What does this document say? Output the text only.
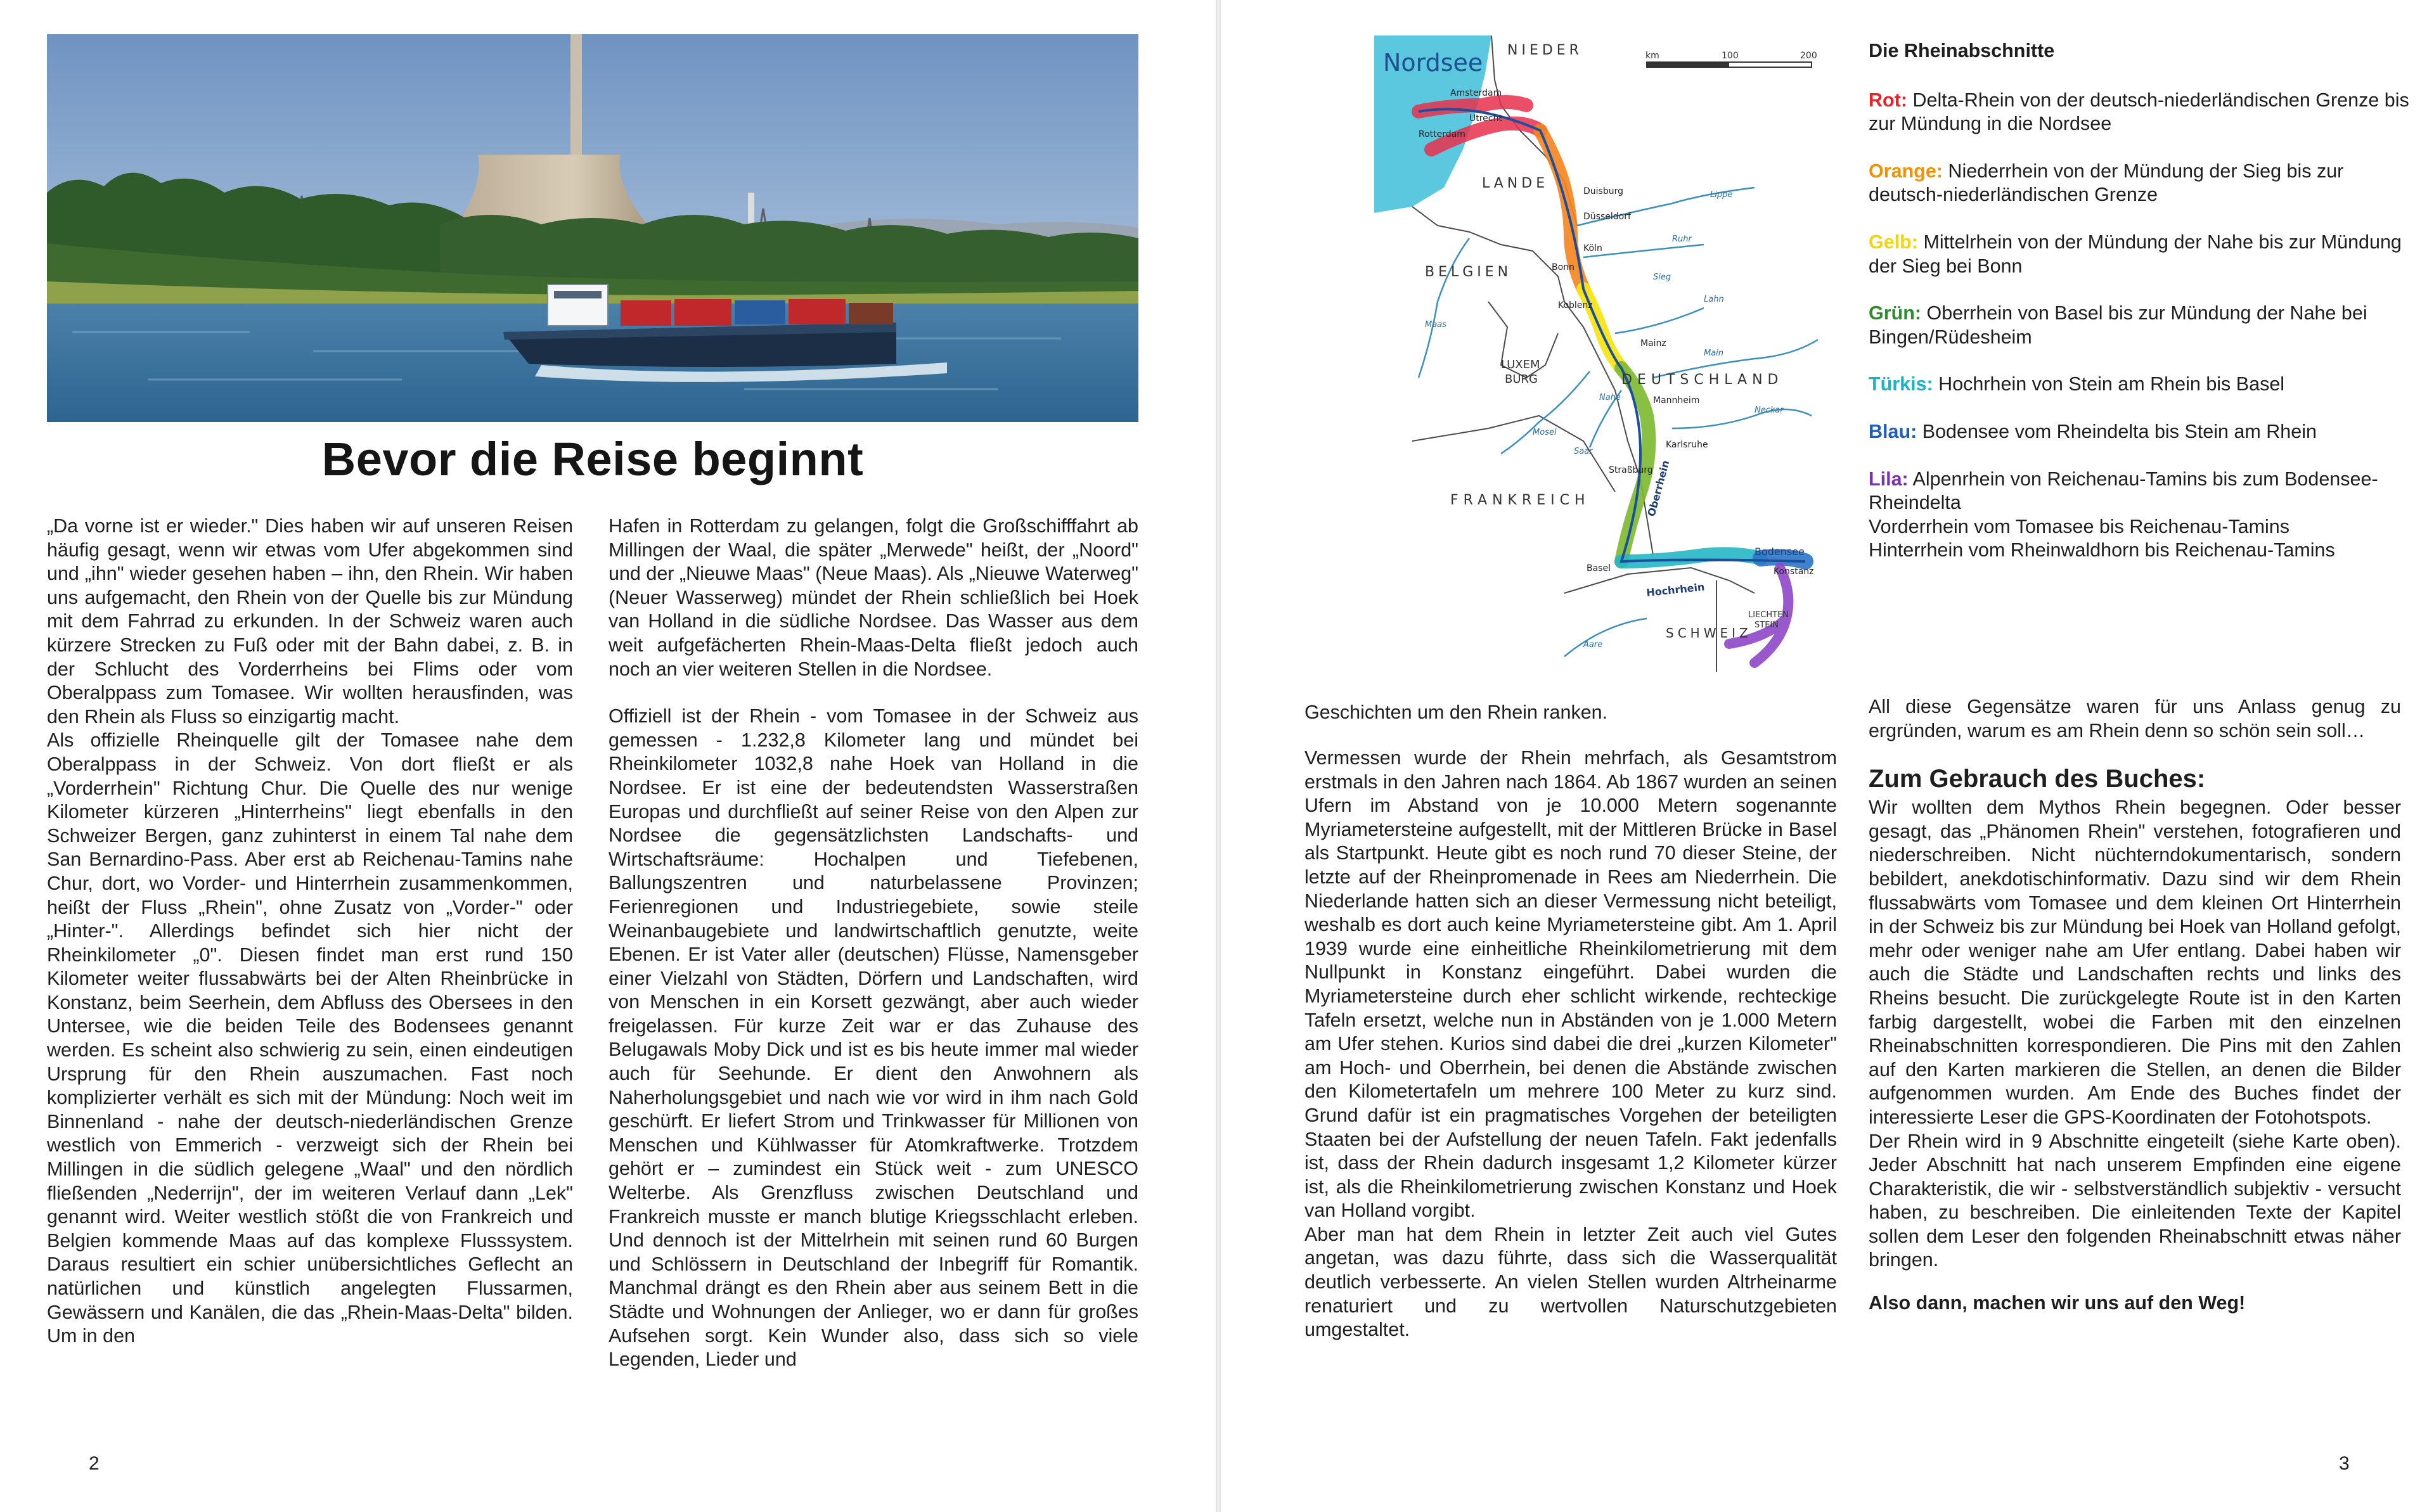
Bevor die Reise beginnt

„Da vorne ist er wieder." Dies haben wir auf unseren Reisen häufig gesagt, wenn wir etwas vom Ufer abgekommen sind und „ihn" wieder gesehen haben – ihn, den Rhein. Wir haben uns aufgemacht, den Rhein von der Quelle bis zur Mündung mit dem Fahrrad zu erkunden. In der Schweiz waren auch kürzere Strecken zu Fuß oder mit der Bahn dabei, z. B. in der Schlucht des Vorderrheins bei Flims oder vom Oberalppass zum Tomasee. Wir wollten herausfinden, was den Rhein als Fluss so einzigartig macht.

Als offizielle Rheinquelle gilt der Tomasee nahe dem Oberalppass in der Schweiz. Von dort fließt er als „Vorderrhein" Richtung Chur. Die Quelle des nur wenige Kilometer kürzeren „Hinterrheins" liegt ebenfalls in den Schweizer Bergen, ganz zuhinterst in einem Tal nahe dem San Bernardino-Pass. Aber erst ab Reichenau-Tamins nahe Chur, dort, wo Vorder- und Hinterrhein zusammenkommen, heißt der Fluss „Rhein", ohne Zusatz von „Vorder-" oder „Hinter-". Allerdings befindet sich hier nicht der Rheinkilometer „0". Diesen findet man erst rund 150 Kilometer weiter flussabwärts bei der Alten Rheinbrücke in Konstanz, beim Seerhein, dem Abfluss des Obersees in den Untersee, wie die beiden Teile des Bodensees genannt werden. Es scheint also schwierig zu sein, einen eindeutigen Ursprung für den Rhein auszumachen. Fast noch komplizierter verhält es sich mit der Mündung: Noch weit im Binnenland - nahe der deutsch-niederländischen Grenze westlich von Emmerich - verzweigt sich der Rhein bei Millingen in die südlich gelegene „Waal" und den nördlich fließenden „Nederrijn", der im weiteren Verlauf dann „Lek" genannt wird. Weiter westlich stößt die von Frankreich und Belgien kommende Maas auf das komplexe Flusssystem. Daraus resultiert ein schier unübersichtliches Geflecht an natürlichen und künstlich angelegten Flussarmen, Gewässern und Kanälen, die das „Rhein-Maas-Delta" bilden. Um in den

Hafen in Rotterdam zu gelangen, folgt die Großschifffahrt ab Millingen der Waal, die später „Merwede" heißt, der „Noord" und der „Nieuwe Maas" (Neue Maas). Als „Nieuwe Waterweg" (Neuer Wasserweg) mündet der Rhein schließlich bei Hoek van Holland in die südliche Nordsee. Das Wasser aus dem weit aufgefächerten Rhein-Maas-Delta fließt jedoch auch noch an vier weiteren Stellen in die Nordsee.

Offiziell ist der Rhein - vom Tomasee in der Schweiz aus gemessen - 1.232,8 Kilometer lang und mündet bei Rheinkilometer 1032,8 nahe Hoek van Holland in die Nordsee. Er ist eine der bedeutendsten Wasserstraßen Europas und durchfließt auf seiner Reise von den Alpen zur Nordsee die gegensätzlichsten Landschafts- und Wirtschaftsräume: Hochalpen und Tiefebenen, Ballungszentren und naturbelassene Provinzen; Ferienregionen und Industriegebiete, sowie steile Weinanbaugebiete und landwirtschaftlich genutzte, weite Ebenen. Er ist Vater aller (deutschen) Flüsse, Namensgeber einer Vielzahl von Städten, Dörfern und Landschaften, wird von Menschen in ein Korsett gezwängt, aber auch wieder freigelassen. Für kurze Zeit war er das Zuhause des Belugawals Moby Dick und ist es bis heute immer mal wieder auch für Seehunde. Er dient den Anwohnern als Naherholungsgebiet und nach wie vor wird in ihm nach Gold geschürft. Er liefert Strom und Trinkwasser für Millionen von Menschen und Kühlwasser für Atomkraftwerke. Trotzdem gehört er – zumindest ein Stück weit - zum UNESCO Welterbe. Als Grenzfluss zwischen Deutschland und Frankreich musste er manch blutige Kriegsschlacht erleben. Und dennoch ist der Mittelrhein mit seinen rund 60 Burgen und Schlössern in Deutschland der Inbegriff für Romantik. Manchmal drängt es den Rhein aber aus seinem Bett in die Städte und Wohnungen der Anlieger, wo er dann für großes Aufsehen sorgt. Kein Wunder also, dass sich so viele Legenden, Lieder und

2
km	100	200
Nordsee NIEDER
LANDE
BELGIEN
LUXEM
BURG	DEUTSCHLAND
FRANKREICH
SCHWEIZ
LIECHTEN
STEIN
Bodensee
Hochrhein
Oberrhein
Amsterdam
Utrecht
Rotterdam
Duisburg
Düsseldorf
Köln
Bonn
Koblenz
Mainz
Mannheim
Karlsruhe
Straßburg
Basel	Konstanz
Maas
Mosel
Main
Neckar
Ruhr
Lippe
Lahn
Sieg
Nahe
Saar
Aare
Geschichten um den Rhein ranken.

Vermessen wurde der Rhein mehrfach, als Gesamtstrom erstmals in den Jahren nach 1864. Ab 1867 wurden an seinen Ufern im Abstand von je 10.000 Metern sogenannte Myriametersteine aufgestellt, mit der Mittleren Brücke in Basel als Startpunkt. Heute gibt es noch rund 70 dieser Steine, der letzte auf der Rheinpromenade in Rees am Niederrhein. Die Niederlande hatten sich an dieser Vermessung nicht beteiligt, weshalb es dort auch keine Myriametersteine gibt. Am 1. April 1939 wurde eine einheitliche Rheinkilometrierung mit dem Nullpunkt in Konstanz eingeführt. Dabei wurden die Myriametersteine durch eher schlicht wirkende, rechteckige Tafeln ersetzt, welche nun in Abständen von je 1.000 Metern am Ufer stehen. Kurios sind dabei die drei „kurzen Kilometer" am Hoch- und Oberrhein, bei denen die Abstände zwischen den Kilometertafeln um mehrere 100 Meter zu kurz sind. Grund dafür ist ein pragmatisches Vorgehen der beteiligten Staaten bei der Aufstellung der neuen Tafeln. Fakt jedenfalls ist, dass der Rhein dadurch insgesamt 1,2 Kilometer kürzer ist, als die Rheinkilometrierung zwischen Konstanz und Hoek van Holland vorgibt.

Aber man hat dem Rhein in letzter Zeit auch viel Gutes angetan, was dazu führte, dass sich die Wasserqualität deutlich verbesserte. An vielen Stellen wurden Altrheinarme renaturiert und zu wertvollen Naturschutzgebieten umgestaltet.

Die Rheinabschnitte
Rot: Delta-Rhein von der deutsch-niederländischen Grenze bis zur Mündung in die Nordsee
Orange: Niederrhein von der Mündung der Sieg bis zur deutsch-niederländischen Grenze
Gelb: Mittelrhein von der Mündung der Nahe bis zur Mündung der Sieg bei Bonn
Grün: Oberrhein von Basel bis zur Mündung der Nahe bei Bingen/Rüdesheim
Türkis: Hochrhein von Stein am Rhein bis Basel
Blau: Bodensee vom Rheindelta bis Stein am Rhein
Lila: Alpenrhein von Reichenau-Tamins bis zum Bodensee-Rheindelta
Vorderrhein vom Tomasee bis Reichenau-Tamins
Hinterrhein vom Rheinwaldhorn bis Reichenau-Tamins

All diese Gegensätze waren für uns Anlass genug zu ergründen, warum es am Rhein denn so schön sein soll…

Zum Gebrauch des Buches:

Wir wollten dem Mythos Rhein begegnen. Oder besser gesagt, das „Phänomen Rhein" verstehen, fotografieren und niederschreiben. Nicht nüchterndokumentarisch, sondern bebildert, anekdotischinformativ. Dazu sind wir dem Rhein flussabwärts vom Tomasee und dem kleinen Ort Hinterrhein in der Schweiz bis zur Mündung bei Hoek van Holland gefolgt, mehr oder weniger nahe am Ufer entlang. Dabei haben wir auch die Städte und Landschaften rechts und links des Rheins besucht. Die zurückgelegte Route ist in den Karten farbig dargestellt, wobei die Farben mit den einzelnen Rheinabschnitten korrespondieren. Die Pins mit den Zahlen auf den Karten markieren die Stellen, an denen die Bilder aufgenommen wurden. Am Ende des Buches findet der interessierte Leser die GPS-Koordinaten der Fotohotspots.

Der Rhein wird in 9 Abschnitte eingeteilt (siehe Karte oben). Jeder Abschnitt hat nach unserem Empfinden eine eigene Charakteristik, die wir - selbstverständlich subjektiv - versucht haben, zu beschreiben. Die einleitenden Texte der Kapitel sollen dem Leser den folgenden Rheinabschnitt etwas näher bringen.

Also dann, machen wir uns auf den Weg!

3
